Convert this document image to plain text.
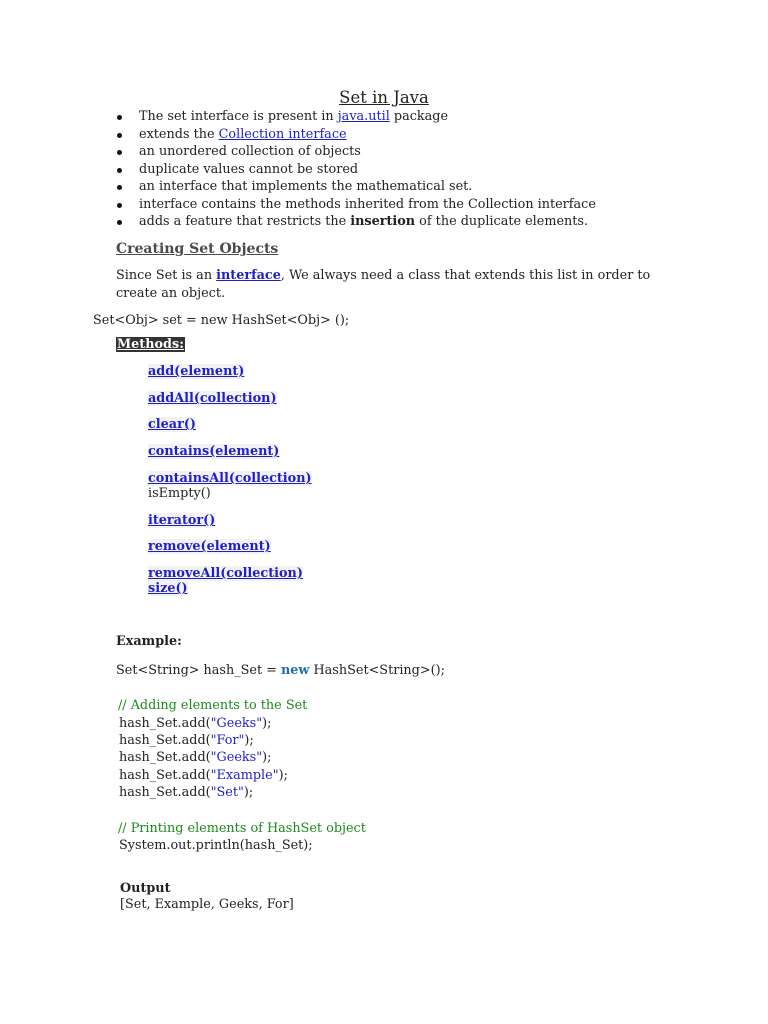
Set in Java
The set interface is present in java.util package
extends the Collection interface
an unordered collection of objects
duplicate values cannot be stored
an interface that implements the mathematical set.
interface contains the methods inherited from the Collection interface
adds a feature that restricts the insertion of the duplicate elements.
Creating Set Objects
Since Set is an interface, We always need a class that extends this list in order to create an object.
Set<Obj> set = new HashSet<Obj> ();
Methods:
add(element)
addAll(collection)
clear()
contains(element)
containsAll(collection)
isEmpty()
iterator()
remove(element)
removeAll(collection)
size()
Example:
Set<String> hash_Set = new HashSet<String>();
// Adding elements to the Set
hash_Set.add("Geeks");
hash_Set.add("For");
hash_Set.add("Geeks");
hash_Set.add("Example");
hash_Set.add("Set");
// Printing elements of HashSet object
System.out.println(hash_Set);
Output
[Set, Example, Geeks, For]
